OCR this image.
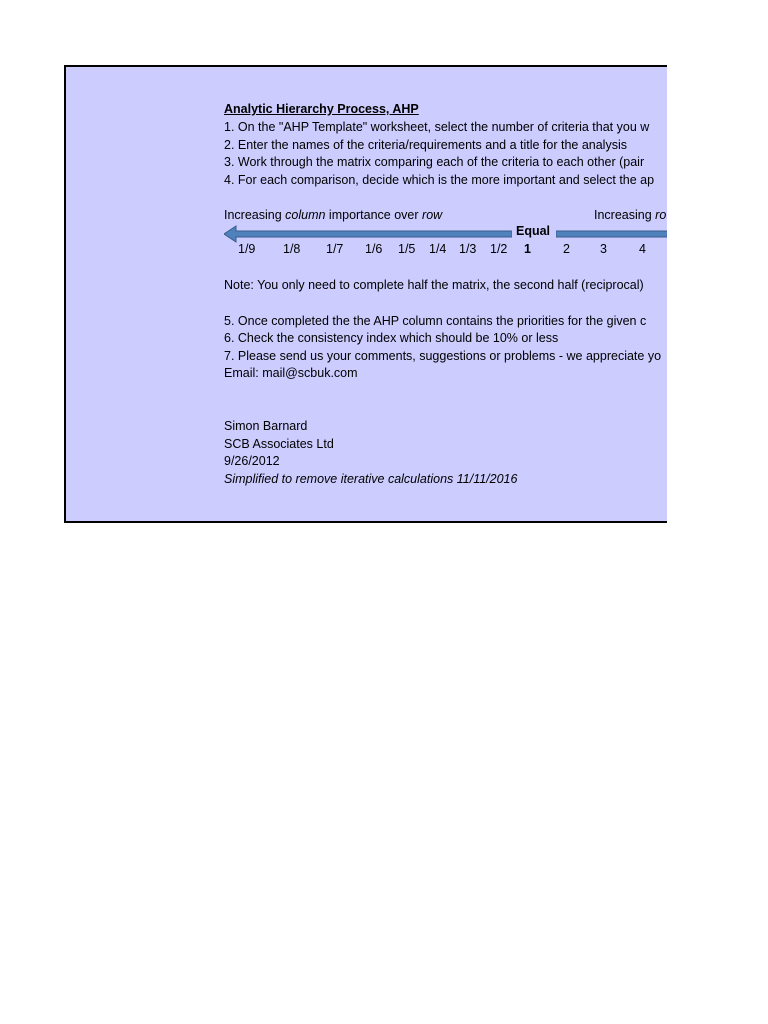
Analytic Hierarchy Process, AHP
1. On the "AHP Template" worksheet, select the number of criteria that you w
2. Enter the names of the criteria/requirements and a title for the analysis
3. Work through the matrix comparing each of the criteria to each other (pair
4. For each comparison, decide which is the more important and select the ap
Increasing column importance over row	Increasing ro
Equal
1/9 1/8 1/7 1/6 1/5 1/4 1/3 1/2 1	2 3	4
Note: You only need to complete half the matrix, the second half (reciprocal)
5. Once completed the the AHP column contains the priorities for the given c
6. Check the consistency index which should be 10% or less
7. Please send us your comments, suggestions or problems - we appreciate yo
Email: mail@scbuk.com
Simon Barnard
SCB Associates Ltd
9/26/2012
Simplified to remove iterative calculations 11/11/2016
